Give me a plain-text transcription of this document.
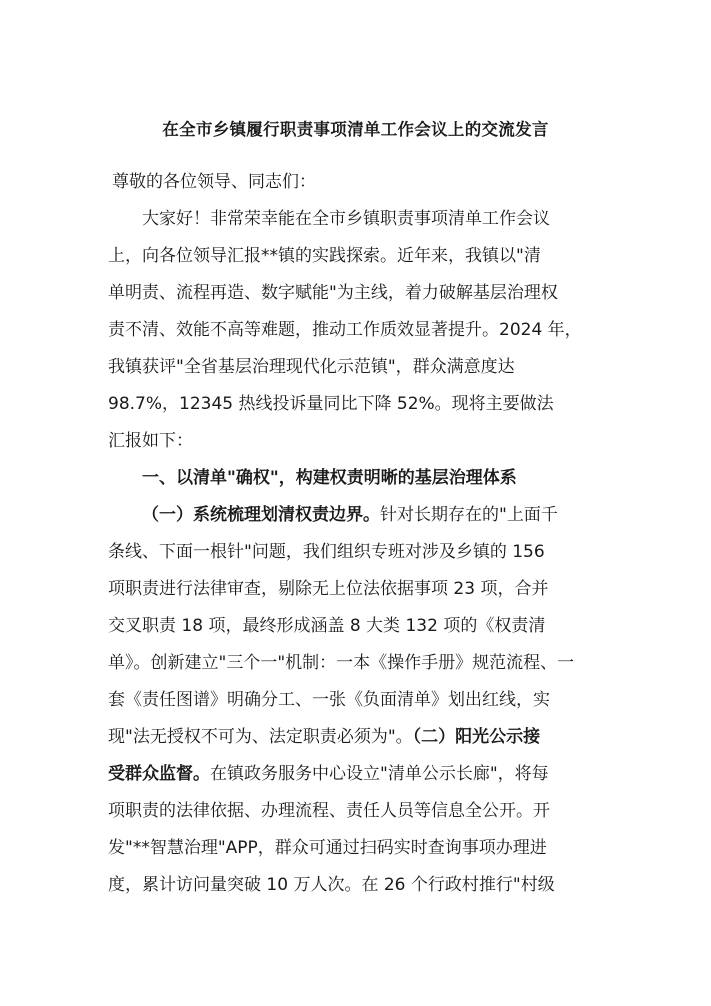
在全市乡镇履行职责事项清单工作会议上的交流发言
尊敬的各位领导、同志们：
大家好！非常荣幸能在全市乡镇职责事项清单工作会议
上，向各位领导汇报**镇的实践探索。近年来，我镇以"清
单明责、流程再造、数字赋能"为主线，着力破解基层治理权
责不清、效能不高等难题，推动工作质效显著提升。2024 年，
我镇获评"全省基层治理现代化示范镇"，群众满意度达
98.7%，12345 热线投诉量同比下降 52%。现将主要做法
汇报如下：
一、以清单"确权"，构建权责明晰的基层治理体系
（一）系统梳理划清权责边界。针对长期存在的"上面千
条线、下面一根针"问题，我们组织专班对涉及乡镇的 156
项职责进行法律审查，剔除无上位法依据事项 23 项，合并
交叉职责 18 项，最终形成涵盖 8 大类 132 项的《权责清
单》。创新建立"三个一"机制：一本《操作手册》规范流程、一
套《责任图谱》明确分工、一张《负面清单》划出红线，实
现"法无授权不可为、法定职责必须为"。（二）阳光公示接
受群众监督。在镇政务服务中心设立"清单公示长廊"，将每
项职责的法律依据、办理流程、责任人员等信息全公开。开
发"**智慧治理"APP，群众可通过扫码实时查询事项办理进
度，累计访问量突破 10 万人次。在 26 个行政村推行"村级
